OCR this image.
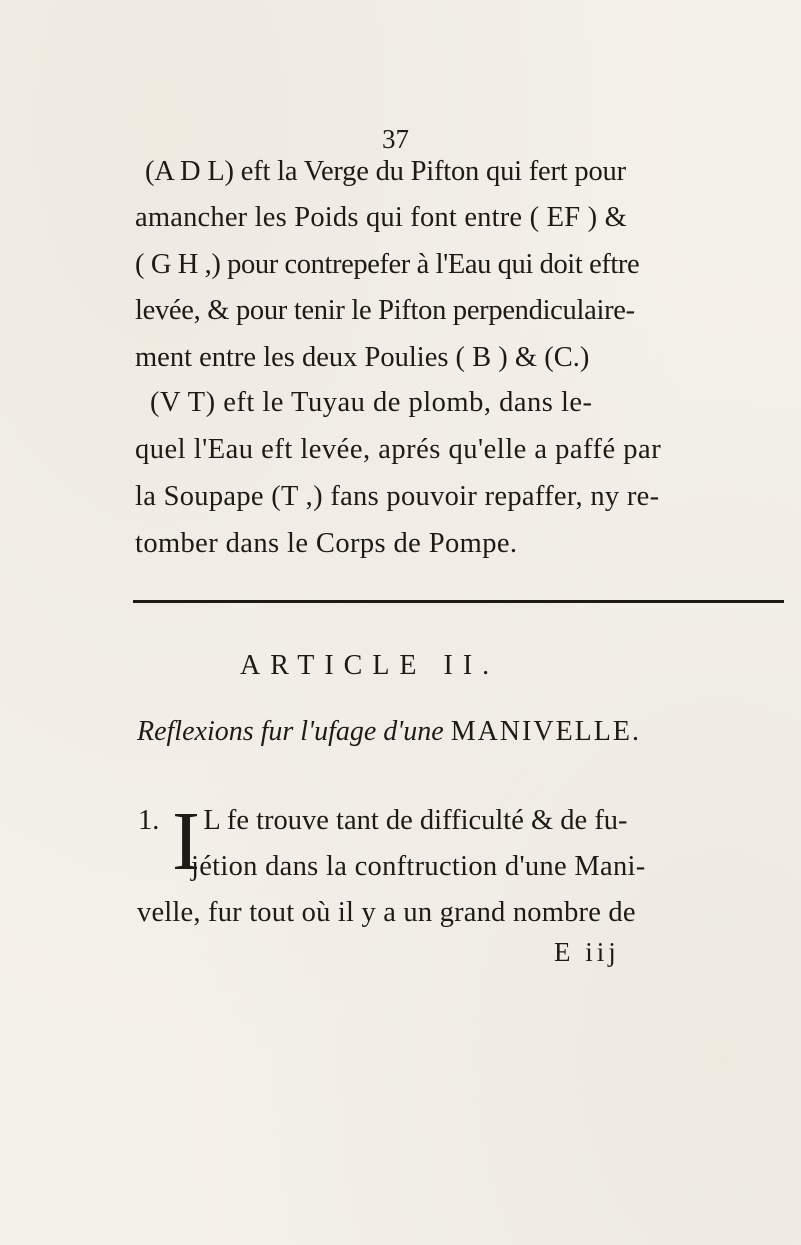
37
(A D L) eft la Verge du Pifton qui fert pour
amancher les Poids qui font entre ( EF ) &
( G H ,) pour contrepefer à l'Eau qui doit eftre
levée, & pour tenir le Pifton perpendiculaire-
ment entre les deux Poulies ( B ) & (C.)
(V T) eft le Tuyau de plomb, dans le-
quel l'Eau eft levée, aprés qu'elle a paffé par
la Soupape (T ,) fans pouvoir repaffer, ny re-
tomber dans le Corps de Pompe.
ARTICLE II.
Reflexions fur l'ufage d'une MANIVELLE.
1. L fe trouve tant de difficulté & de fu-
I
jétion dans la conftruction d'une Mani-
velle, fur tout où il y a un grand nombre de
E iij
